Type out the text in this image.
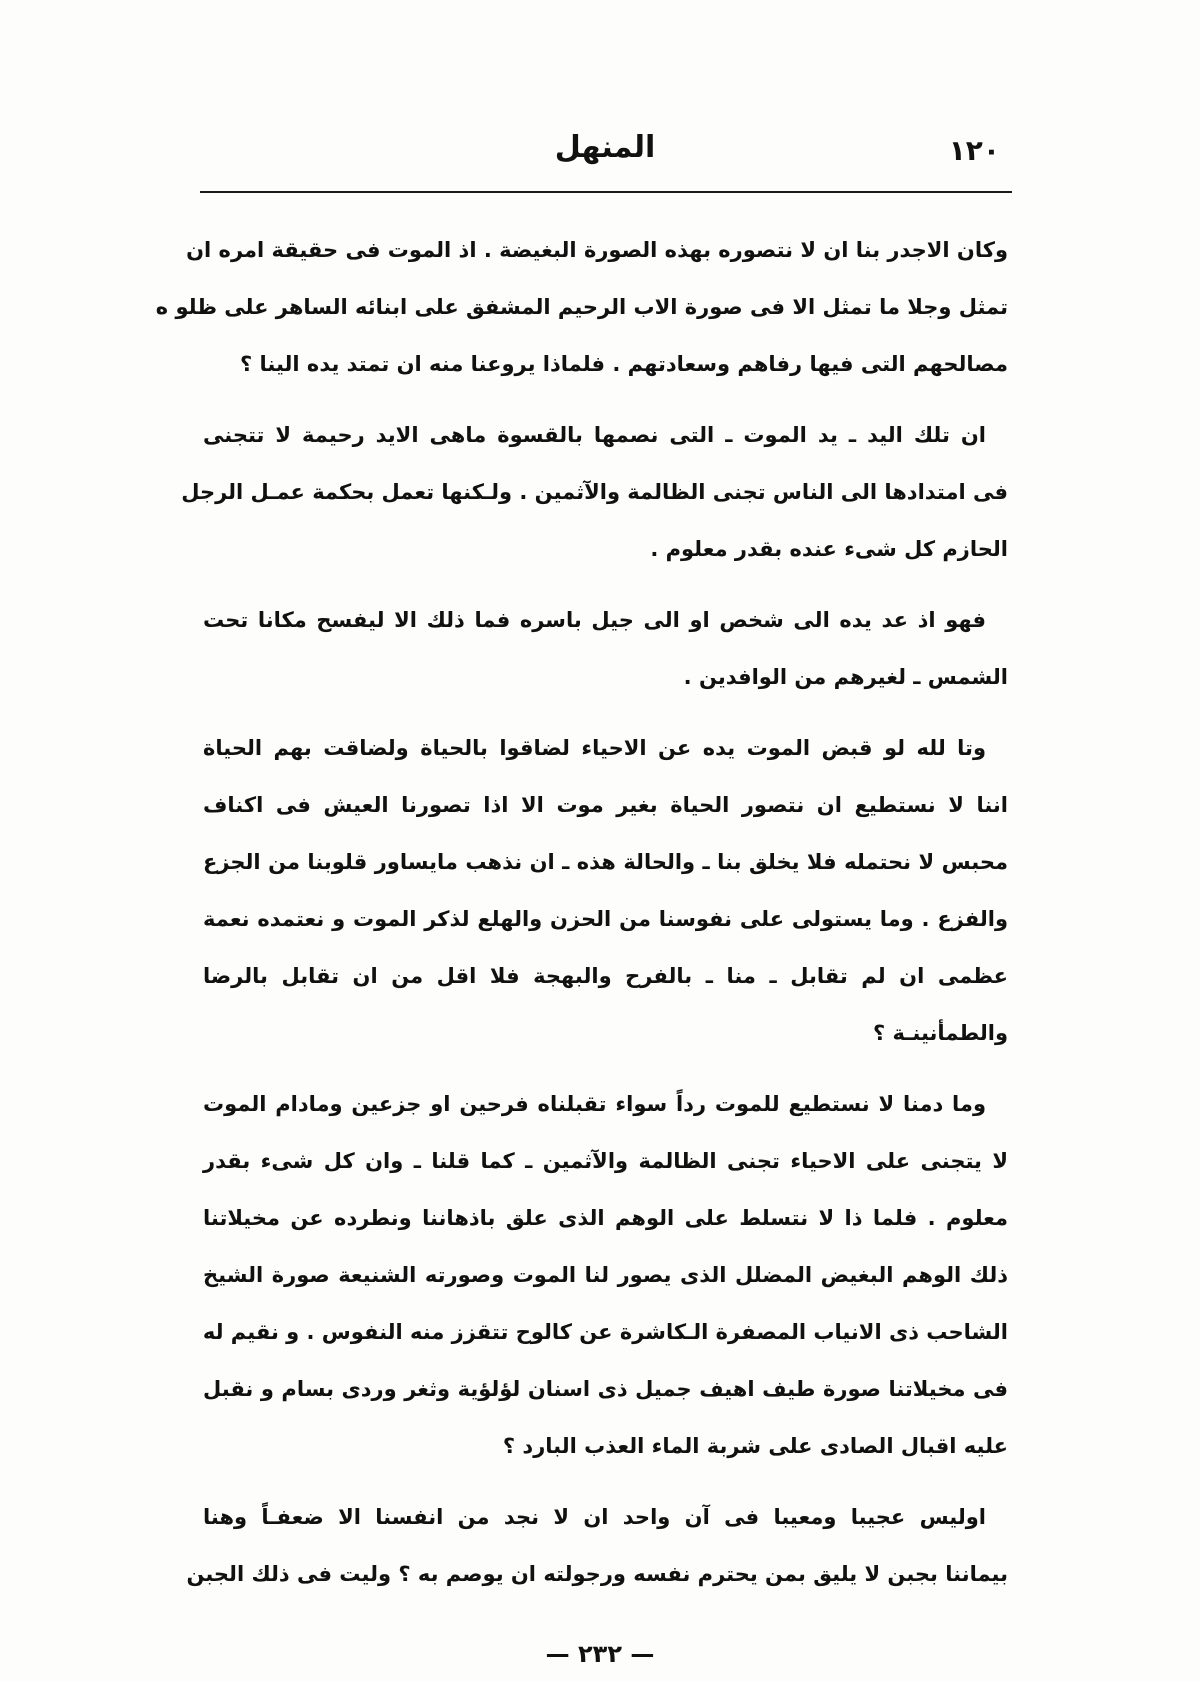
١٢٠
المنهل
وكان الاجدر بنا ان لا نتصوره بهذه الصورة البغيضة . اذ الموت فى حقيقة امره ان
تمثل وجلا ما تمثل الا فى صورة الاب الرحيم المشفق على ابنائه الساهر على ظلو ه
مصالحهم التى فيها رفاهم وسعادتهم . فلماذا يروعنا منه ان تمتد يده الينا ؟
ان تلك اليد ـ يد الموت ـ التى نصمها بالقسوة ماهى الايد رحيمة لا تتجنى
فى امتدادها الى الناس تجنى الظالمة والآثمين . ولـكنها تعمل بحكمة عمـل الرجل
الحازم كل شىء عنده بقدر معلوم .
فهو اذ عد يده الى شخص او الى جيل باسره فما ذلك الا ليفسح مكانا تحت
الشمس ـ لغيرهم من الوافدين .
وتا لله لو قبض الموت يده عن الاحياء لضاقوا بالحياة ولضاقت بهم الحياة
اننا لا نستطيع ان نتصور الحياة بغير موت الا اذا تصورنا العيش فى اكناف
محبس لا نحتمله فلا يخلق بنا ـ والحالة هذه ـ ان نذهب مايساور قلوبنا من الجزع
والفزع . وما يستولى على نفوسنا من الحزن والهلع لذكر الموت و نعتمده نعمة
عظمى ان لم تقابل ـ منا ـ بالفرح والبهجة فلا اقل من ان تقابل بالرضا
والطمأنينـة ؟
وما دمنا لا نستطيع للموت رداً سواء تقبلناه فرحين او جزعين ومادام الموت
لا يتجنى على الاحياء تجنى الظالمة والآثمين ـ كما قلنا ـ وان كل شىء بقدر
معلوم . فلما ذا لا نتسلط على الوهم الذى علق باذهاننا ونطرده عن مخيلاتنا
ذلك الوهم البغيض المضلل الذى يصور لنا الموت وصورته الشنيعة صورة الشيخ
الشاحب ذى الانياب المصفرة الـكاشرة عن كالوح تتقزز منه النفوس . و نقيم له
فى مخيلاتنا صورة طيف اهيف جميل ذى اسنان لؤلؤية وثغر وردى بسام و نقبل
عليه اقبال الصادى على شربة الماء العذب البارد ؟
اوليس عجيبا ومعيبا فى آن واحد ان لا نجد من انفسنا الا ضعفـاً وهنا
بيماننا بجبن لا يليق بمن يحترم نفسه ورجولته ان يوصم به ؟ وليت فى ذلك الجبن
— ٢٣٢ —
